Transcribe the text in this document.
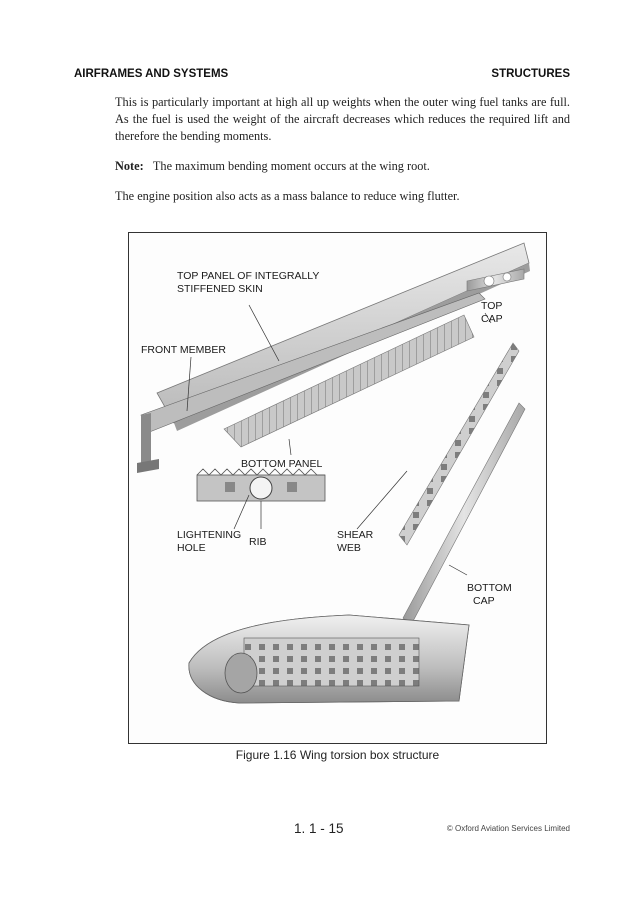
AIRFRAMES AND SYSTEMS	STRUCTURES

This is particularly important at high all up weights when the outer wing fuel tanks are full. As the fuel is used the weight of the aircraft decreases which reduces the required lift and therefore the bending moments.

Note: The maximum bending moment occurs at the wing root.

The engine position also acts as a mass balance to reduce wing flutter.

TOP PANEL OF INTEGRALLY
STIFFENED SKIN
TOP
CAP
FRONT MEMBER
BOTTOM PANEL
LIGHTENING
HOLE	RIB
SHEAR
WEB
BOTTOM
CAP
Figure 1.16 Wing torsion box structure
1. 1 - 15	© Oxford Aviation Services Limited
